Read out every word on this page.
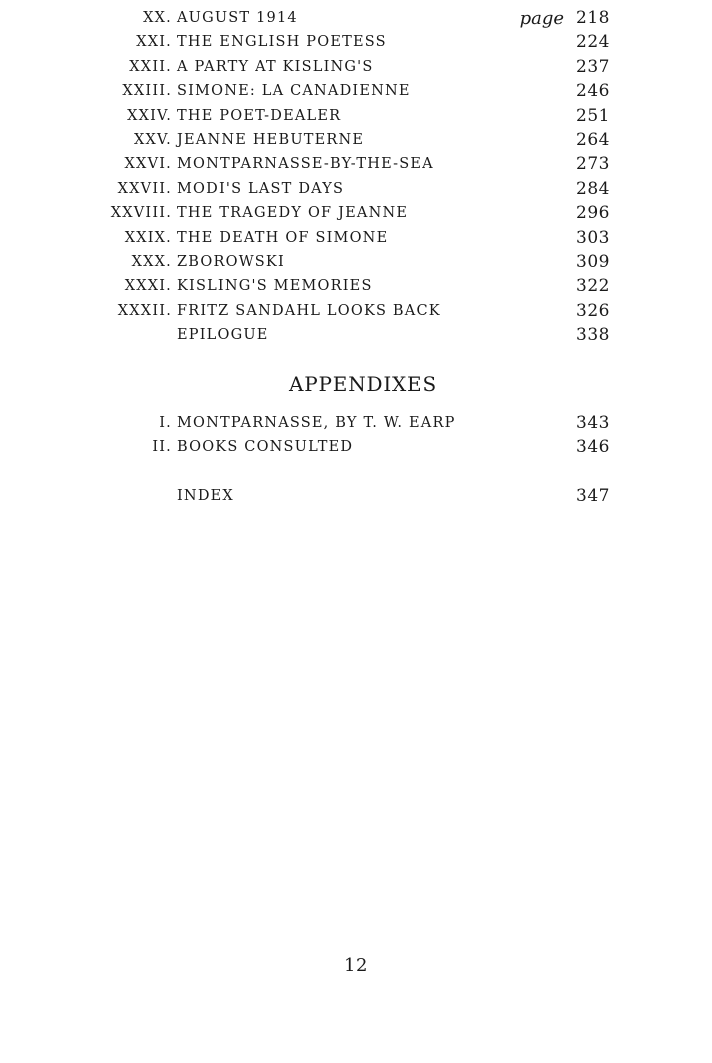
XX. AUGUST 1914	page 218
XXI. THE ENGLISH POETESS	224
XXII. A PARTY AT KISLING'S	237
XXIII. SIMONE: LA CANADIENNE	246
XXIV. THE POET-DEALER	251
XXV. JEANNE HEBUTERNE	264
XXVI. MONTPARNASSE-BY-THE-SEA	273
XXVII. MODI'S LAST DAYS	284
XXVIII. THE TRAGEDY OF JEANNE	296
XXIX. THE DEATH OF SIMONE	303
XXX. ZBOROWSKI	309
XXXI. KISLING'S MEMORIES	322
XXXII. FRITZ SANDAHL LOOKS BACK	326
EPILOGUE	338
APPENDIXES
I. MONTPARNASSE, BY T. W. EARP	343
II. BOOKS CONSULTED	346
INDEX	347
12
